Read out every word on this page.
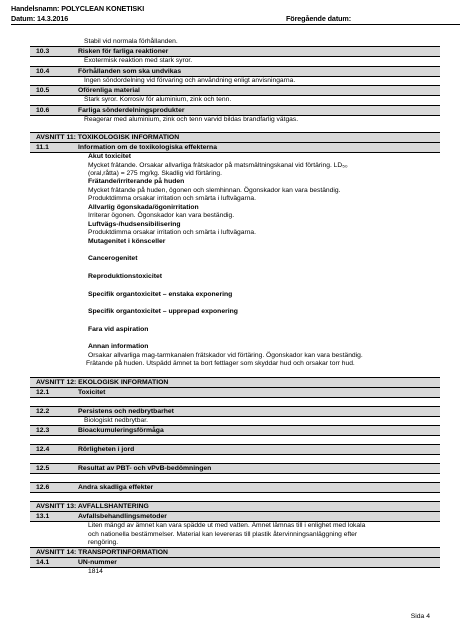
Handelsnamn: POLYCLEAN KONETISKI
Datum: 14.3.2016	Föregående datum:
Stabil vid normala förhållanden.
10.3	Risken för farliga reaktioner
Exotermisk reaktion med stark syror.
10.4	Förhållanden som ska undvikas
Ingen söndordelning vid förvaring och användning enligt anvisningarna.
10.5	Oförenliga material
Stark syror. Korrosiv för aluminium, zink och tenn.
10.6	Farliga sönderdelningsprodukter
Reagerar med aluminium, zink och tenn varvid bildas brandfarlig vätgas.
AVSNITT 11: TOXIKOLOGISK INFORMATION
11.1	Information om de toxikologiska effekterna
Akut toxicitet
Mycket frätande. Orsakar allvarliga frätskador på matsmältningskanal vid förtäring. LD₅₀
(oral,råtta) = 275 mg/kg. Skadlig vid förtäring.
Frätande/irriterande på huden
Mycket frätande på huden, ögonen och slemhinnan. Ögonskador kan vara beständig.
Produktdimma orsakar irritation och smärta i luftvägarna.
Allvarlig ögonskada/ögonirritation
Irriterar ögonen. Ögonskador kan vara beständig.
Luftvägs-/hudsensibilisering
Produktdimma orsakar irritation och smärta i luftvägarna.
Mutagenitet i könsceller
Cancerogenitet
Reproduktionstoxicitet
Specifik organtoxicitet – enstaka exponering
Specifik organtoxicitet – upprepad exponering
Fara vid aspiration
Annan information
Orsakar allvarliga mag-tarmkanalen frätskador vid förtäring. Ögonskador kan vara beständig.
Frätande på huden. Utspädd ämnet ta bort fettlager som skyddar hud och orsakar torr hud.
AVSNITT 12: EKOLOGISK INFORMATION
12.1	Toxicitet
12.2	Persistens och nedbrytbarhet
Biologiskt nedbrytbar.
12.3	Bioackumuleringsförmåga
12.4	Rörligheten i jord
12.5	Resultat av PBT- och vPvB-bedömningen
12.6	Andra skadliga effekter
AVSNITT 13: AVFALLSHANTERING
13.1	Avfallsbehandlingsmetoder
Liten mängd av ämnet kan vara spädde ut med vatten. Ämnet lämnas till i enlighet med lokala
och nationella bestämmelser. Material kan levereras till plastik återvinningsanläggning efter
rengöring.
AVSNITT 14: TRANSPORTINFORMATION
14.1	UN-nummer
1814
Sida 4
